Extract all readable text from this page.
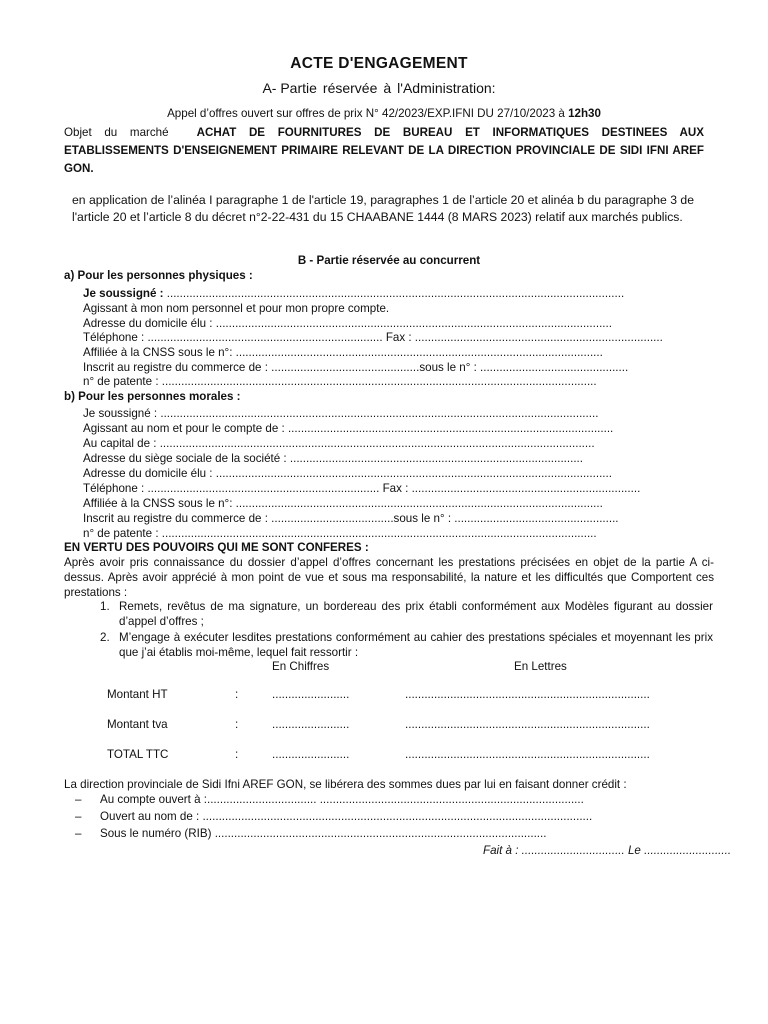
ACTE D'ENGAGEMENT
A- Partie réservée à l'Administration:
Appel d’offres ouvert sur offres de prix N° 42/2023/EXP.IFNI DU 27/10/2023 à 12h30
Objet du marché ACHAT DE FOURNITURES DE BUREAU ET INFORMATIQUES DESTINEES AUX ETABLISSEMENTS D'ENSEIGNEMENT PRIMAIRE RELEVANT DE LA DIRECTION PROVINCIALE DE SIDI IFNI AREF GON.
en application de l’alinéa I paragraphe 1 de l'article 19, paragraphes 1 de l’article 20 et alinéa b du paragraphe 3 de l'article 20 et l’article 8 du décret n°2-22-431 du 15 CHAABANE 1444 (8 MARS 2023) relatif aux marchés publics.
B - Partie réservée au concurrent
a) Pour les personnes physiques :
Je soussigné : ..............................................................................................................................................
Agissant à mon nom personnel et pour mon propre compte.
Adresse du domicile élu : ...........................................................................................................................
Téléphone : ......................................................................... Fax : .............................................................................
Affiliée à la CNSS sous le n°: ..................................................................................................................
Inscrit au registre du commerce de : ..............................................sous le n° : ..............................................
n° de patente : .......................................................................................................................................
b) Pour les personnes morales :
Je soussigné : ........................................................................................................................................
Agissant au nom et pour le compte de : .....................................................................................................
Au capital de : .......................................................................................................................................
Adresse du siège sociale de la société : ...........................................................................................
Adresse du domicile élu : ...........................................................................................................................
Téléphone : ........................................................................ Fax : .......................................................................
Affiliée à la CNSS sous le n°: ..................................................................................................................
Inscrit au registre du commerce de : ......................................sous le n° : ...................................................
n° de patente : .......................................................................................................................................
EN VERTU DES POUVOIRS QUI ME SONT CONFERES :
Après avoir pris connaissance du dossier d’appel d’offres concernant les prestations précisées en objet de la partie A ci-dessus. Après avoir apprécié à mon point de vue et sous ma responsabilité, la nature et les difficultés que Comportent ces prestations :
1. Remets, revêtus de ma signature, un bordereau des prix établi conformément aux Modèles figurant au dossier d’appel d’offres ;
2. M’engage à exécuter lesdites prestations conformément au cahier des prestations spéciales et moyennant les prix que j’ai établis moi-même, lequel fait ressortir :
En Chiffres	En Lettres
Montant HT	:	........................	............................................................................
Montant tva	:	........................	............................................................................
TOTAL TTC	:	........................	............................................................................
La direction provinciale de Sidi Ifni AREF GON, se libérera des sommes dues par lui en faisant donner crédit :
– Au compte ouvert à :.................................. ..................................................................................
– Ouvert au nom de : .........................................................................................................................
– Sous le numéro (RIB) .......................................................................................................
Fait à : ................................ Le ...........................
